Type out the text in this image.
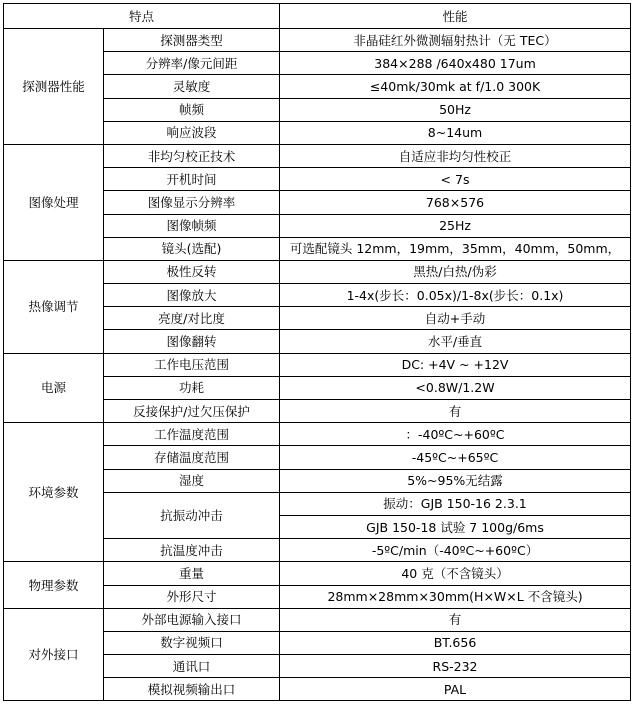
特点		性能
探测器性能	探测器类型	非晶硅红外微测辐射热计（无 TEC）
	分辨率/像元间距	384×288 /640x480 17um
	灵敏度	≤40mk/30mk at f/1.0 300K
	帧频	50Hz
	响应波段	8~14um
图像处理	非均匀校正技术	自适应非均匀性校正
	开机时间	< 7s
	图像显示分辨率	768×576
	图像帧频	25Hz
	镜头(选配)	可选配镜头 12mm，19mm，35mm，40mm，50mm，
热像调节	极性反转	黑热/白热/伪彩
	图像放大	1-4x(步长：0.05x)/1-8x(步长：0.1x)
	亮度/对比度	自动+手动
	图像翻转	水平/垂直
电源	工作电压范围	DC: +4V ~ +12V
	功耗	<0.8W/1.2W
	反接保护/过欠压保护	有
环境参数	工作温度范围	：-40ºC~+60ºC
	存储温度范围	-45ºC~+65ºC
	湿度	5%~95%无结露
	抗振动冲击	振动：GJB 150-16 2.3.1
		GJB 150-18 试验 7 100g/6ms
	抗温度冲击	-5ºC/min（-40ºC~+60ºC）
物理参数	重量	40 克（不含镜头）
	外形尺寸	28mm×28mm×30mm(H×W×L 不含镜头)
对外接口	外部电源输入接口	有
	数字视频口	BT.656
	通讯口	RS-232
	模拟视频输出口	PAL
